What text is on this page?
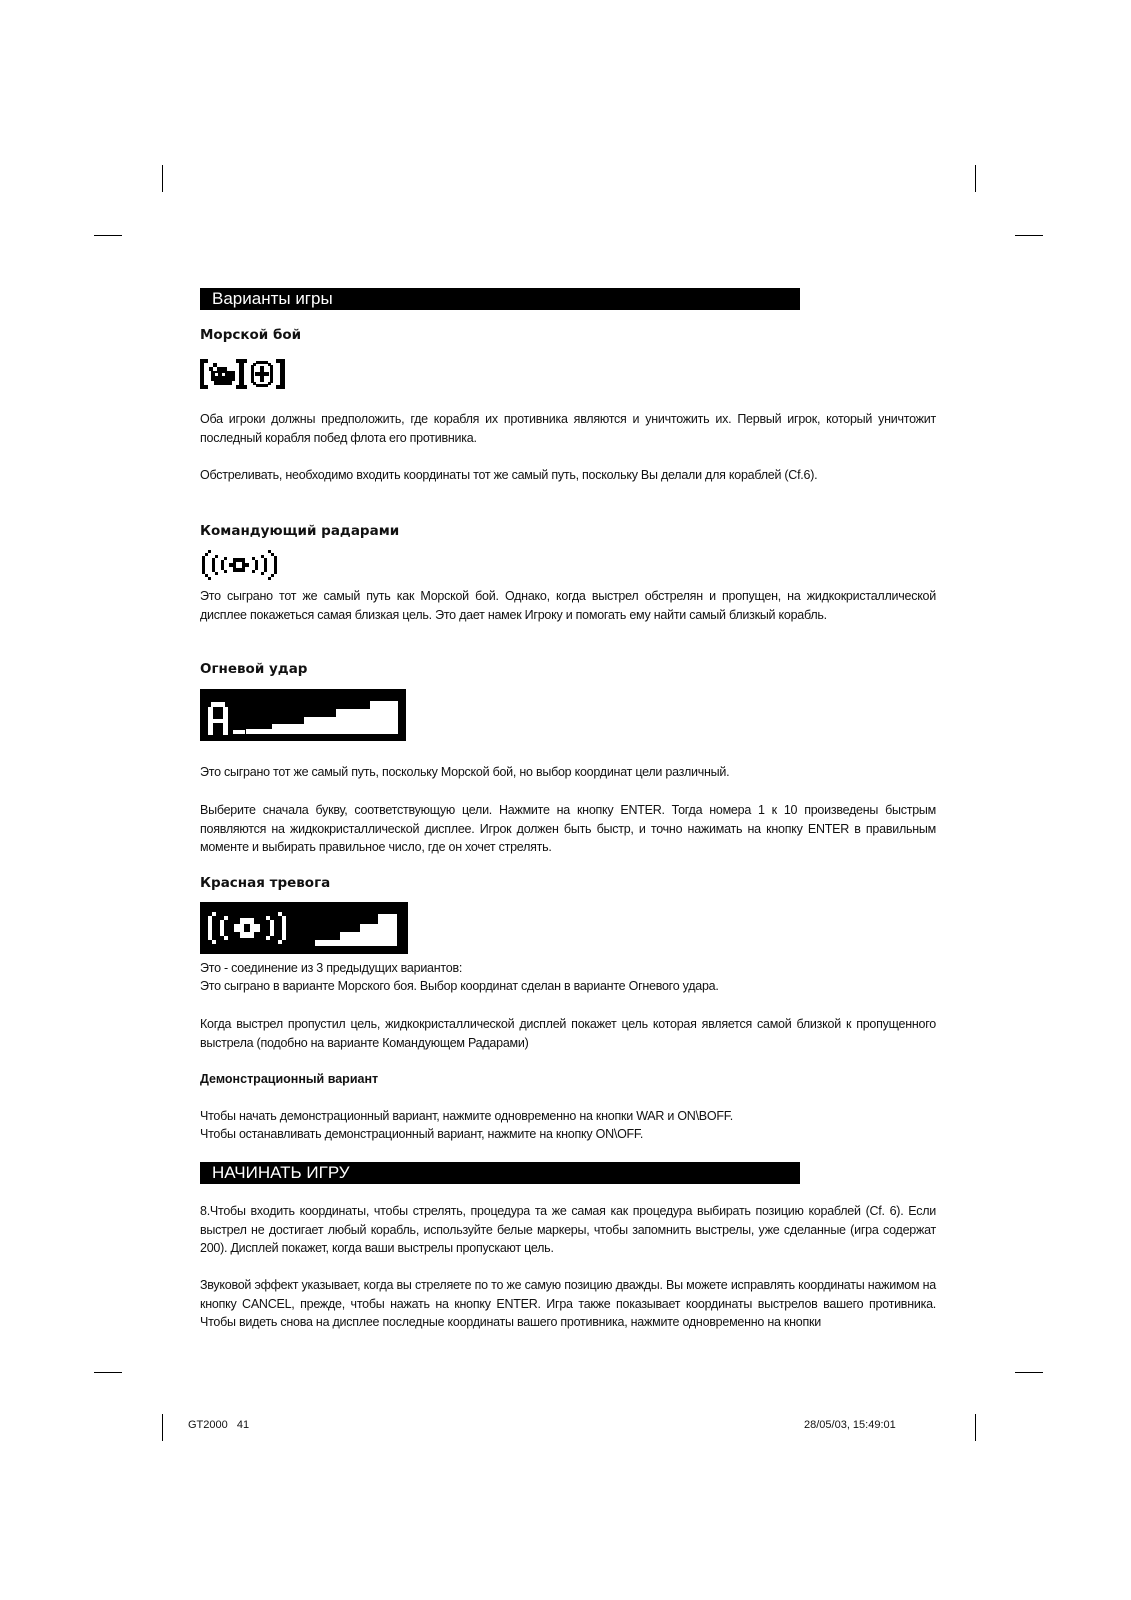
Варианты игры
Морской бой
Оба игроки должны предположить, где корабля их противника являются и уничтожить их. Первый игрок, который уничтожит последный корабля побед флота его противника.
Обстреливать, необходимо входить координаты тот же самый путь, поскольку Вы делали для кораблей (Cf.6).
Командующий радарами
Это сыграно тот же самый путь как Морской бой. Однако, когда выстрел обстрелян и пропущен, на жидкокристаллической дисплее покажеться самая близкая цель. Это дает намек Игроку и помогать ему найти самый близкый корабль.
Огневой удар
Это сыграно тот же самый путь, поскольку Морской бой, но выбор координат цели различный.
Выберите сначала букву, соответствующую цели. Нажмите на кнопку ENTER. Тогда номера 1 к 10 произведены быстрым появляются на жидкокристаллической дисплее. Игрок должен быть быстр, и точно нажимать на кнопку ENTER в правильным моменте и выбирать правильное число, где он хочет стрелять.
Красная тревога
Это - соединение из 3 предыдущих вариантов:
Это сыграно в варианте Морского боя. Выбор координат сделан в варианте Огневого удара.
Когда выстрел пропустил цель, жидкокристаллической дисплей покажет цель которая является самой близкой к пропущенного выстрела (подобно на варианте Командующем Радарами)
Демонстрационный вариант
Чтобы начать демонстрационный вариант, нажмите одновременно на кнопки WAR и ON\BOFF.
Чтобы останавливать демонстрационный вариант, нажмите на кнопку ON\OFF.
НАЧИНАТЬ ИГРУ
8.Чтобы входить координаты, чтобы стрелять, процедура та же самая как процедура выбирать позицию кораблей (Cf. 6). Если выстрел не достигает любый корабль, используйте белые маркеры, чтобы запомнить выстрелы, уже сделанные (игра содержат 200). Дисплей покажет, когда ваши выстрелы пропускают цель.
Звуковой эффект указывает, когда вы стреляете по то же самую позицию дважды. Вы можете исправлять координаты нажимом на кнопку CANCEL, прежде, чтобы нажать на кнопку ENTER. Игра также показывает координаты выстрелов вашего противника. Чтобы видеть снова на дисплее последные координаты вашего противника, нажмите одновременно на кнопки
GT2000   41	28/05/03, 15:49:01
